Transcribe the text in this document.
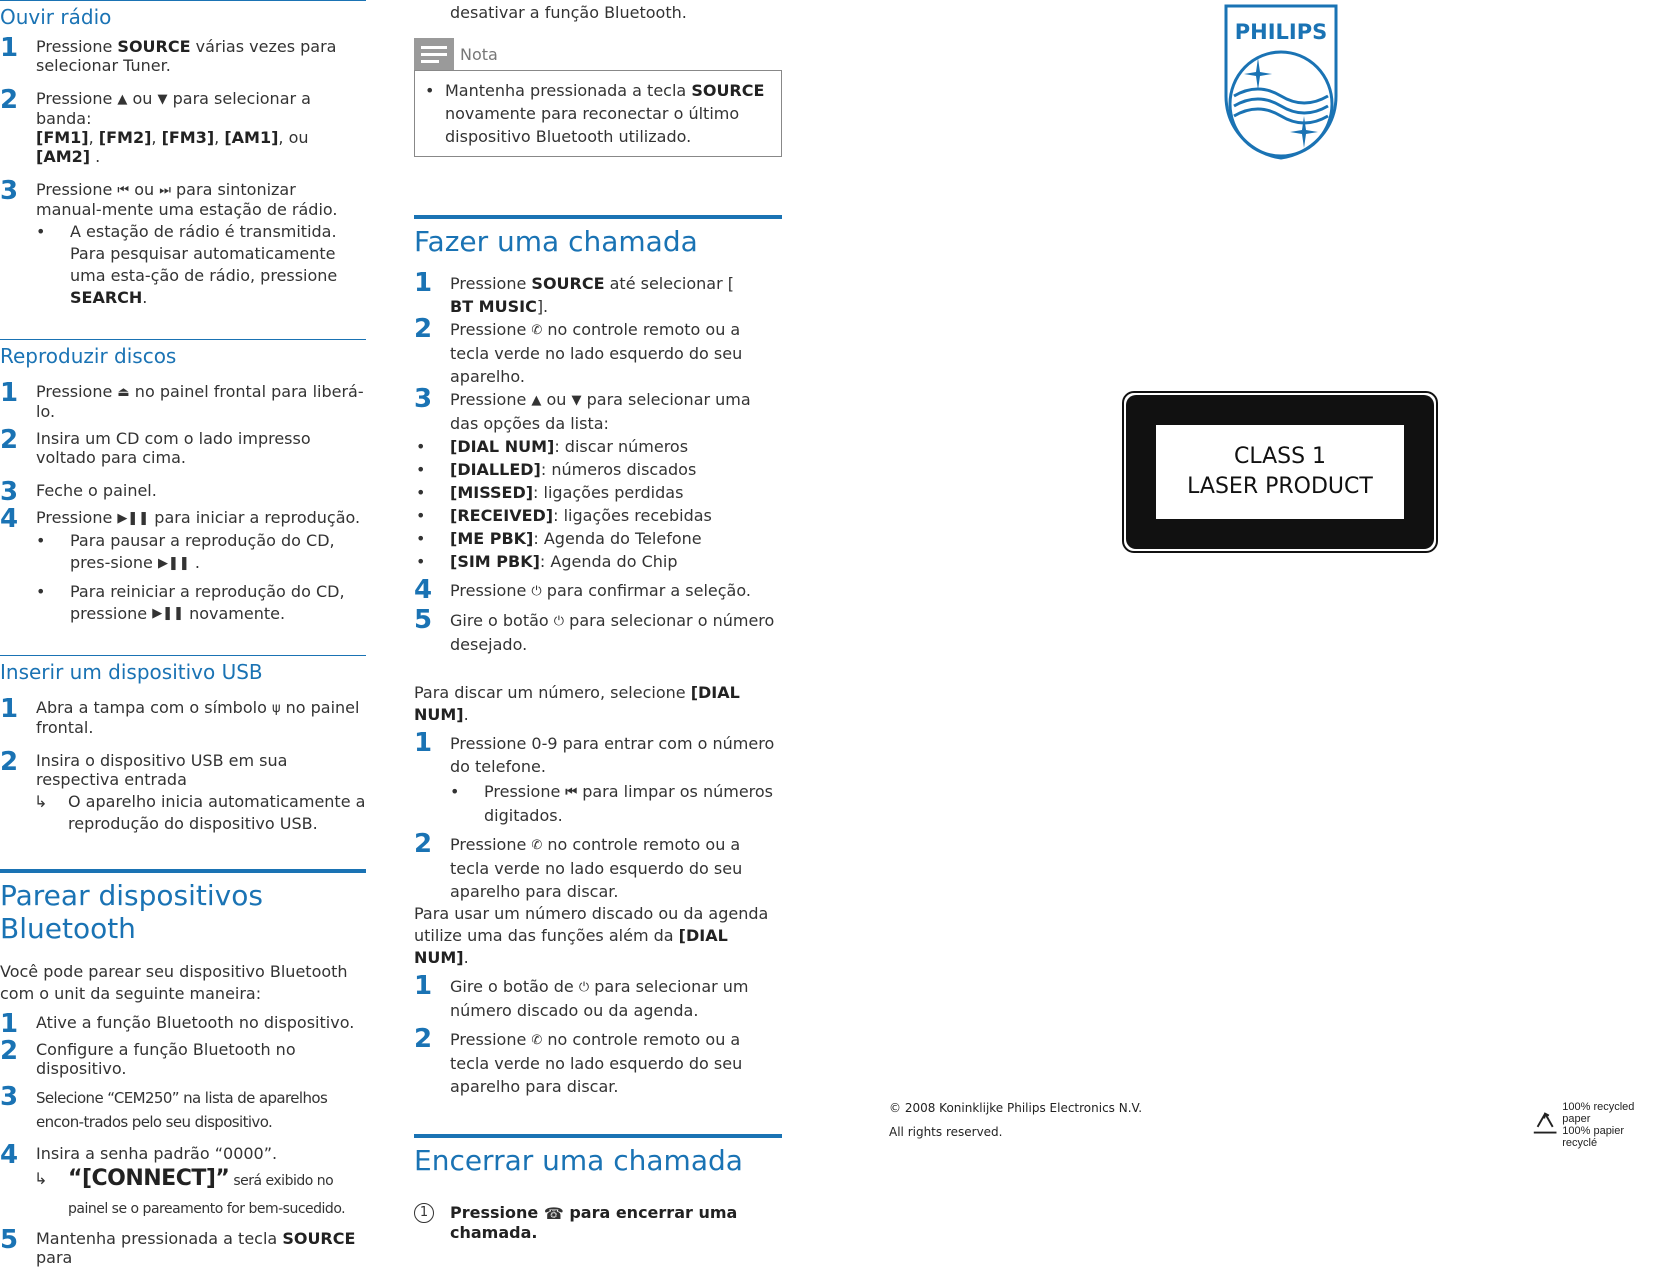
Ouvir rádio
1 Pressione SOURCE várias vezes para selecionar Tuner.
2 Pressione ▲ ou ▼ para selecionar a banda:
[FM1], [FM2], [FM3], [AM1], ou [AM2] .
3 Pressione ⏮ ou ⏭ para sintonizar manual-mente uma estação de rádio.
• A estação de rádio é transmitida. Para pesquisar automaticamente uma esta-ção de rádio, pressione SEARCH.
Reproduzir discos
1 Pressione ⏏ no painel frontal para liberá-lo.
2 Insira um CD com o lado impresso voltado para cima.
3 Feche o painel.
4 Pressione ▶❚❚ para iniciar a reprodução.
• Para pausar a reprodução do CD, pres-sione ▶❚❚ .
• Para reiniciar a reprodução do CD, pressione ▶❚❚ novamente.
Inserir um dispositivo USB
1 Abra a tampa com o símbolo ψ no painel frontal.
2 Insira o dispositivo USB em sua respectiva entrada
↳ O aparelho inicia automaticamente a reprodução do dispositivo USB.
Parear dispositivos Bluetooth
Você pode parear seu dispositivo Bluetooth com o unit da seguinte maneira:
1 Ative a função Bluetooth no dispositivo.
2 Configure a função Bluetooth no dispositivo.
3 Selecione “CEM250” na lista de aparelhos encon-trados pelo seu dispositivo.
4 Insira a senha padrão “0000”.
↳ “[CONNECT]” será exibido no painel se o pareamento for bem-sucedido.
5 Mantenha pressionada a tecla SOURCE para
desativar a função Bluetooth.
Nota
• Mantenha pressionada a tecla SOURCE novamente para reconectar o último dispositivo Bluetooth utilizado.
Fazer uma chamada
1 Pressione SOURCE até selecionar [
BT MUSIC].
2 Pressione ✆ no controle remoto ou a tecla verde no lado esquerdo do seu aparelho.
3 Pressione ▲ ou ▼ para selecionar uma das opções da lista:
• [DIAL NUM]: discar números
• [DIALLED]: números discados
• [MISSED]: ligações perdidas
• [RECEIVED]: ligações recebidas
• [ME PBK]: Agenda do Telefone
• [SIM PBK]: Agenda do Chip
4 Pressione ⏻ para confirmar a seleção.
5 Gire o botão ⏻ para selecionar o número desejado.
Para discar um número, selecione [DIAL NUM].
1 Pressione 0-9 para entrar com o número do telefone.
• Pressione ⏮ para limpar os números digitados.
2 Pressione ✆ no controle remoto ou a tecla verde no lado esquerdo do seu aparelho para discar.
Para usar um número discado ou da agenda utilize uma das funções além da [DIAL NUM].
1 Gire o botão de ⏻ para selecionar um número discado ou da agenda.
2 Pressione ✆ no controle remoto ou a tecla verde no lado esquerdo do seu aparelho para discar.
Encerrar uma chamada
1	Pressione ☎ para encerrar uma chamada.
PHILIPS
CLASS 1
LASER PRODUCT
© 2008 Koninklijke Philips Electronics N.V.
All rights reserved.
100% recycled paper
100% papier recyclé
